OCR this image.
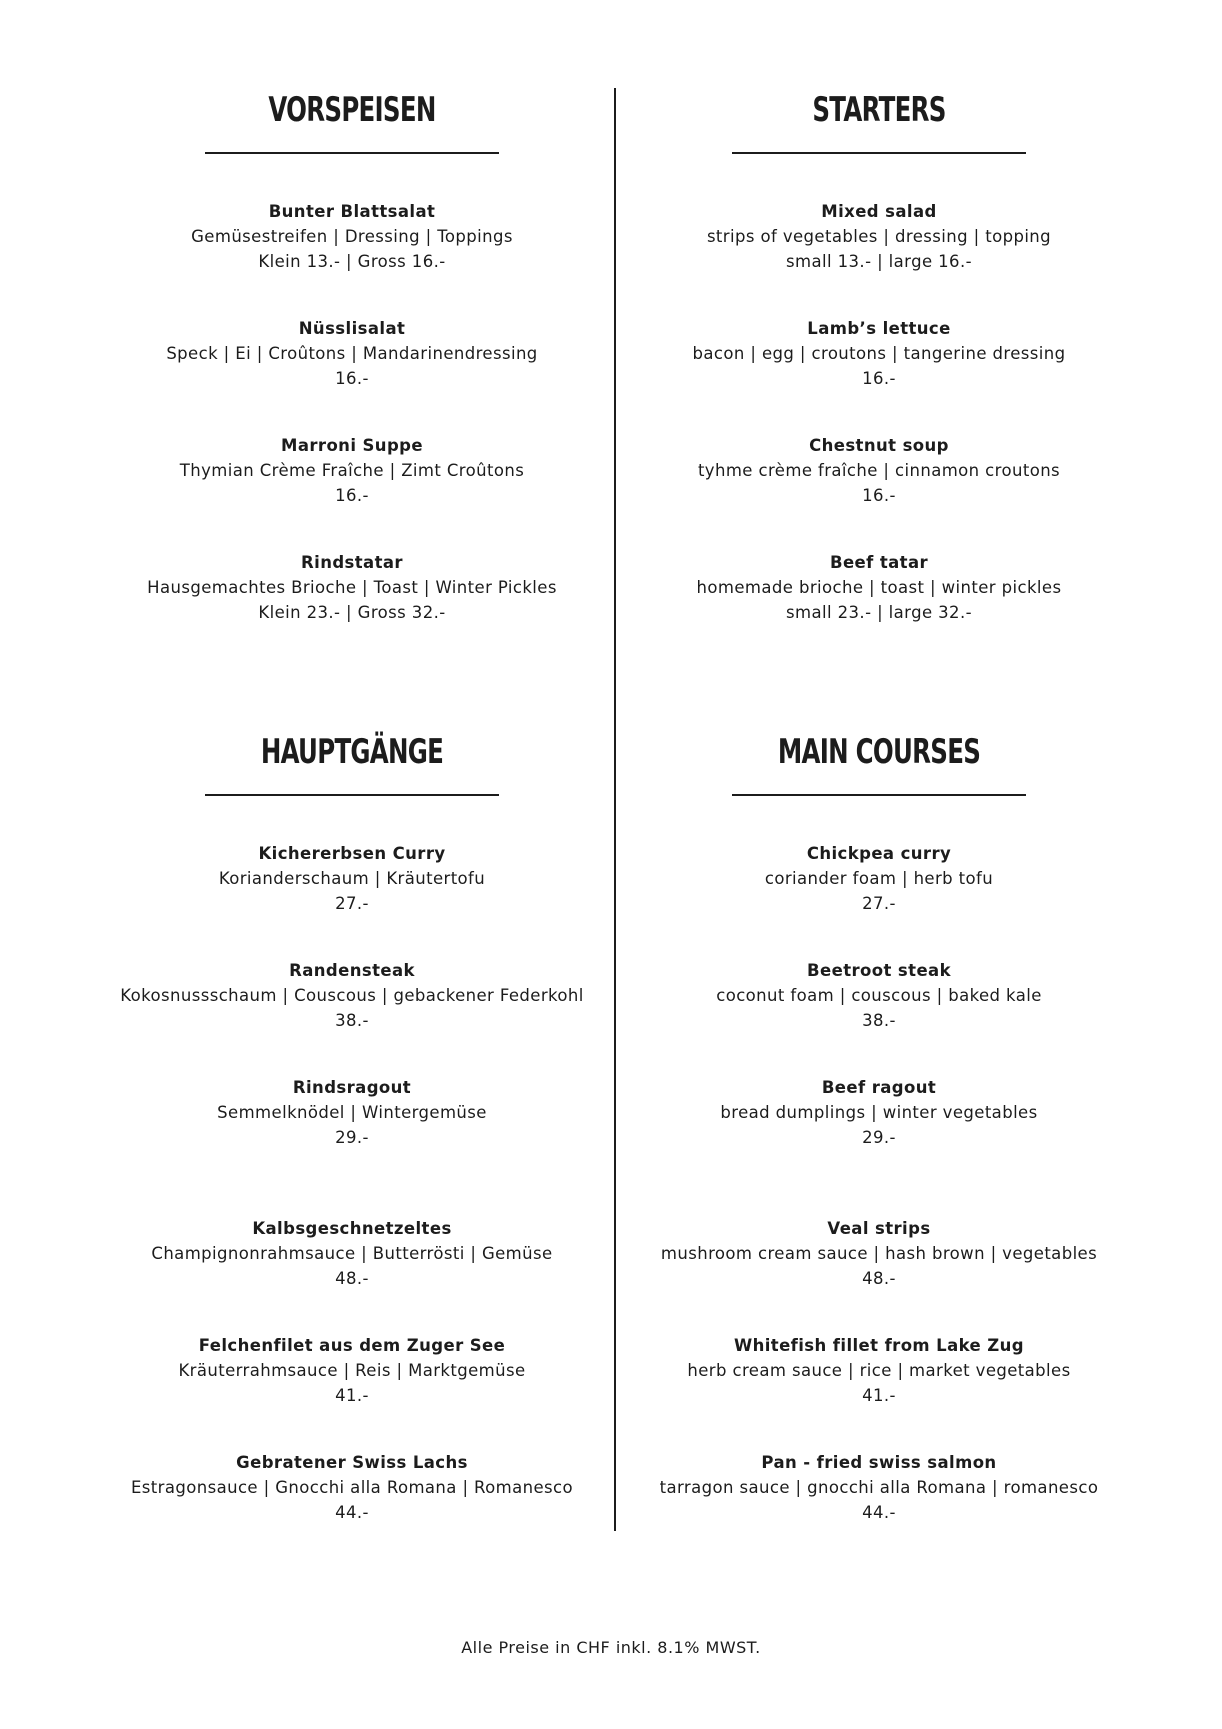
VORSPEISEN
Bunter Blattsalat
Gemüsestreifen | Dressing | Toppings
Klein 13.- | Gross 16.-
Nüsslisalat
Speck | Ei | Croûtons | Mandarinendressing
16.-
Marroni Suppe
Thymian Crème Fraîche | Zimt Croûtons
16.-
Rindstatar
Hausgemachtes Brioche | Toast | Winter Pickles
Klein 23.- | Gross 32.-
STARTERS
Mixed salad
strips of vegetables | dressing | topping
small 13.- | large 16.-
Lamb’s lettuce
bacon | egg | croutons | tangerine dressing
16.-
Chestnut soup
tyhme crème fraîche | cinnamon croutons
16.-
Beef tatar
homemade brioche | toast | winter pickles
small 23.- | large 32.-
HAUPTGÄNGE
Kichererbsen Curry
Korianderschaum | Kräutertofu
27.-
Randensteak
Kokosnussschaum | Couscous | gebackener Federkohl
38.-
Rindsragout
Semmelknödel | Wintergemüse
29.-
Kalbsgeschnetzeltes
Champignonrahmsauce | Butterrösti | Gemüse
48.-
Felchenfilet aus dem Zuger See
Kräuterrahmsauce | Reis | Marktgemüse
41.-
Gebratener Swiss Lachs
Estragonsauce | Gnocchi alla Romana | Romanesco
44.-
MAIN COURSES
Chickpea curry
coriander foam | herb tofu
27.-
Beetroot steak
coconut foam | couscous | baked kale
38.-
Beef ragout
bread dumplings | winter vegetables
29.-
Veal strips
mushroom cream sauce | hash brown | vegetables
48.-
Whitefish fillet from Lake Zug
herb cream sauce | rice | market vegetables
41.-
Pan - fried swiss salmon
tarragon sauce | gnocchi alla Romana | romanesco
44.-
Alle Preise in CHF inkl. 8.1% MWST.
